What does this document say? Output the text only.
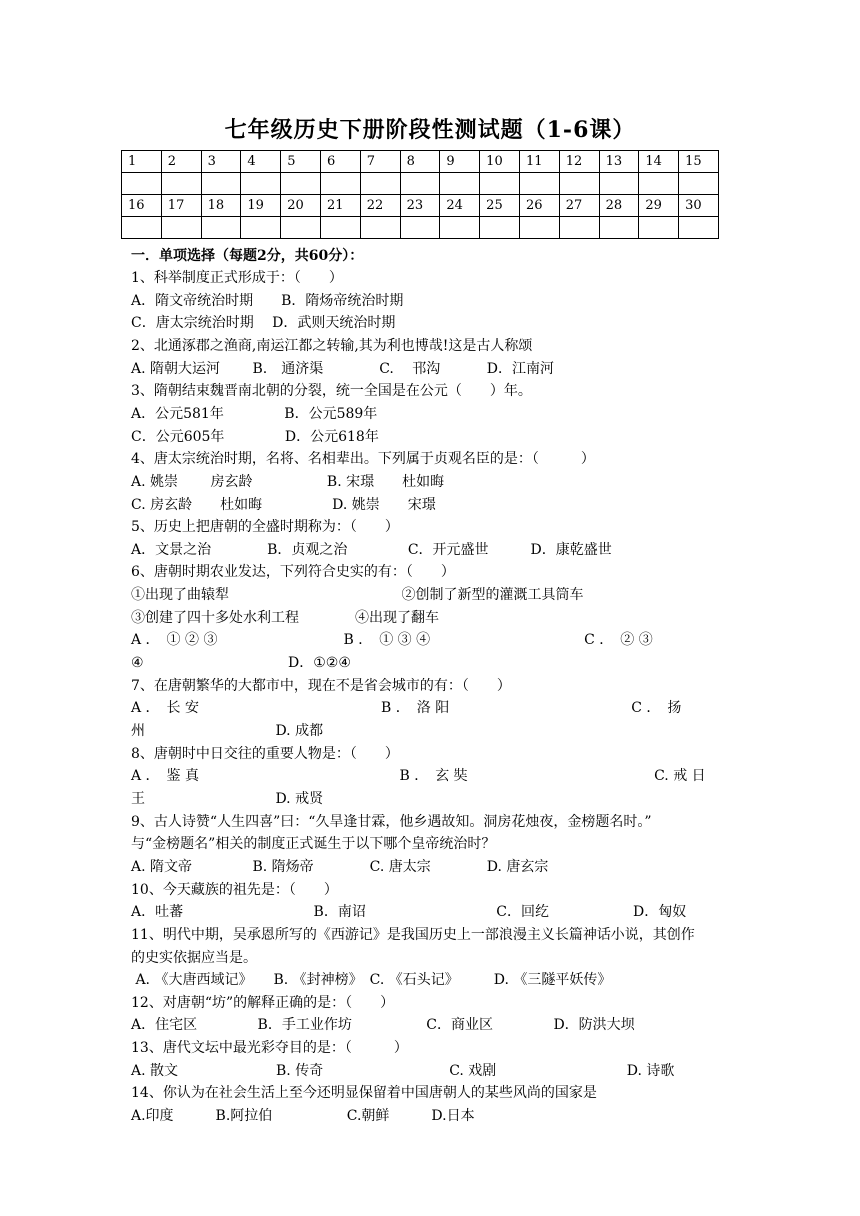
七年级历史下册阶段性测试题（1-6课）
1	2	3	4	5	6	7	8	9	10	11	12	13	14	15

16	17	18	19	20	21	22	23	24	25	26	27	28	29	30

一．单项选择（每题2分，共60分）：
1、科举制度正式形成于：（　　）
A．隋文帝统治时期　　B．隋炀帝统治时期
C．唐太宗统治时期　 D．武则天统治时期
2、北通涿郡之渔商,南运江都之转输,其为利也博哉!这是古人称颂
A. 隋朝大运河　　 B.　通济渠　　　　C.　 邗沟　　　 D．江南河
3、隋朝结束魏晋南北朝的分裂，统一全国是在公元（　　）年。
A．公元581年　　　　 B．公元589年
C．公元605年　　　　 D．公元618年
4、唐太宗统治时期，名将、名相辈出。下列属于贞观名臣的是：（　　　）
A. 姚崇　　 房玄龄　　　　　 B. 宋璟　　杜如晦
C. 房玄龄　　杜如晦　　　　　D. 姚崇　　宋璟
5、历史上把唐朝的全盛时期称为：（　　）
A．文景之治　　　　B．贞观之治　　　　 C．开元盛世　　　D．康乾盛世
6、唐朝时期农业发达，下列符合史实的有：（　　）
①出现了曲辕犁　　　　　　　　　　　　 ②创制了新型的灌溉工具筒车
③创建了四十多处水利工程　　　　④出现了翻车
A ．　① ② ③　　　　　　　　　B ．　① ③ ④　　　　　　　　　　　C ．　② ③
④　　　　　　　　　　 D．①②④
7、在唐朝繁华的大都市中，现在不是省会城市的有：（　　）
A ．　长 安　　　　　　　　　　　　　B ．　洛 阳　　　　　　　　　　　　　C ．　扬
州　　　　　　　　　 D. 成都
8、唐朝时中日交往的重要人物是：（　　）
A ．　鉴 真　　　　　　　　　　　　　　 B ．　玄 奘　　　　　　　　　　　　　 C. 戒 日
王　　　　　　　　　 D. 戒贤
9、古人诗赞“人生四喜”曰：“久旱逢甘霖，他乡遇故知。洞房花烛夜，金榜题名时。”
与“金榜题名”相关的制度正式诞生于以下哪个皇帝统治时？
A. 隋文帝　　　　 B. 隋炀帝　　　　C. 唐太宗　　　　D. 唐玄宗
10、今天藏族的祖先是：（　　）
A．吐蕃　　　　　　　　　 B．南诏　　　　　　　　　 C．回纥　　　　　　D．匈奴
11、明代中期，吴承恩所写的《西游记》是我国历史上一部浪漫主义长篇神话小说，其创作
的史实依据应当是。
A. 《大唐西域记》　　B. 《封神榜》　C. 《石头记》　　　D. 《三隧平妖传》
12、对唐朝“坊”的解释正确的是：（　　）
A．住宅区　　　　 B．手工业作坊　　　　　 C．商业区　　　　 D．防洪大坝
13、唐代文坛中最光彩夺目的是：（　　　）
A. 散文　　　　　　　B. 传奇　　　　　　　　　C. 戏剧　　　　　　　　　 D. 诗歌
14、你认为在社会生活上至今还明显保留着中国唐朝人的某些风尚的国家是
A.印度　　　B.阿拉伯　　　　　 C.朝鲜　　　D.日本
